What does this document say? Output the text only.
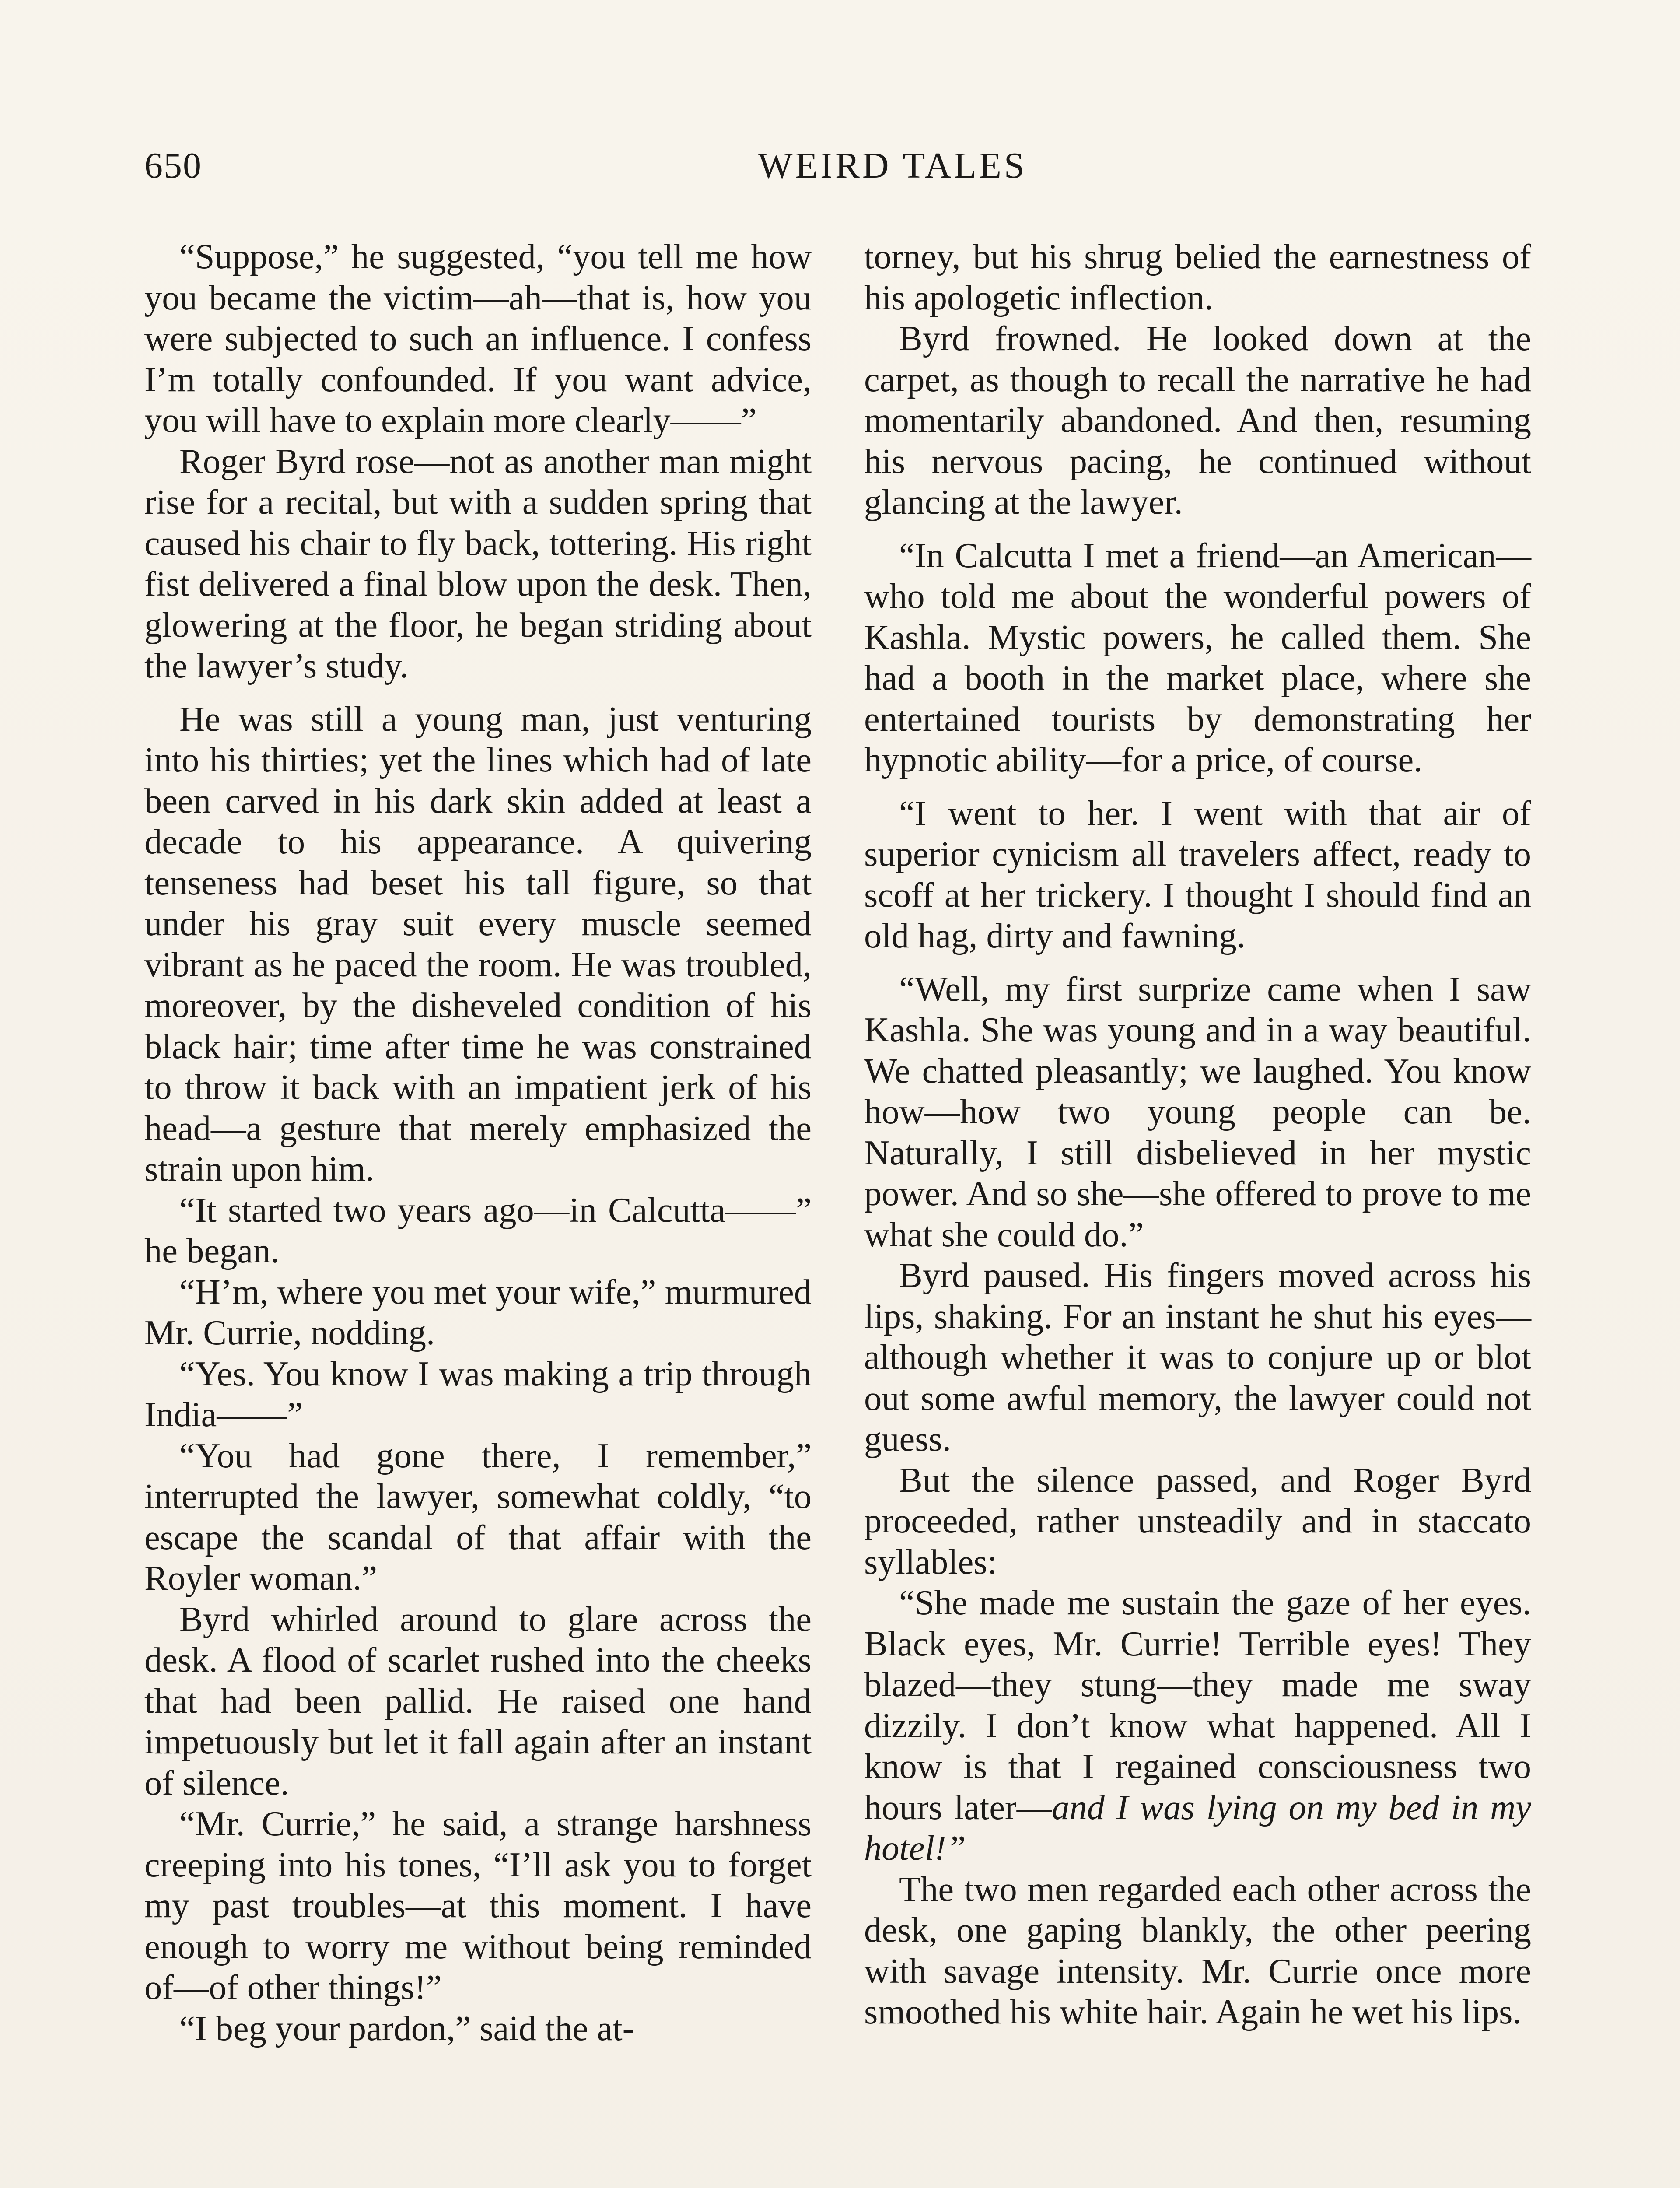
650	WEIRD TALES

“Suppose,” he suggested, “you tell me how you became the victim—ah—that is, how you were subjected to such an influence. I confess I’m totally confounded. If you want advice, you will have to explain more clearly——”

Roger Byrd rose—not as another man might rise for a recital, but with a sudden spring that caused his chair to fly back, tottering. His right fist delivered a final blow upon the desk. Then, glowering at the floor, he began striding about the lawyer’s study.

He was still a young man, just venturing into his thirties; yet the lines which had of late been carved in his dark skin added at least a decade to his appearance. A quivering tenseness had beset his tall figure, so that under his gray suit every muscle seemed vibrant as he paced the room. He was troubled, moreover, by the disheveled condition of his black hair; time after time he was constrained to throw it back with an impatient jerk of his head—a gesture that merely emphasized the strain upon him.

“It started two years ago—in Calcutta——” he began.

“H’m, where you met your wife,” murmured Mr. Currie, nodding.

“Yes. You know I was making a trip through India——”

“You had gone there, I remember,” interrupted the lawyer, somewhat coldly, “to escape the scandal of that affair with the Royler woman.”

Byrd whirled around to glare across the desk. A flood of scarlet rushed into the cheeks that had been pallid. He raised one hand impetuously but let it fall again after an instant of silence.

“Mr. Currie,” he said, a strange harshness creeping into his tones, “I’ll ask you to forget my past troubles—at this moment. I have enough to worry me without being reminded of—of other things!”

“I beg your pardon,” said the at-

torney, but his shrug belied the earnestness of his apologetic inflection.

Byrd frowned. He looked down at the carpet, as though to recall the narrative he had momentarily abandoned. And then, resuming his nervous pacing, he continued without glancing at the lawyer.

“In Calcutta I met a friend—an American—who told me about the wonderful powers of Kashla. Mystic powers, he called them. She had a booth in the market place, where she entertained tourists by demonstrating her hypnotic ability—for a price, of course.

“I went to her. I went with that air of superior cynicism all travelers affect, ready to scoff at her trickery. I thought I should find an old hag, dirty and fawning.

“Well, my first surprize came when I saw Kashla. She was young and in a way beautiful. We chatted pleasantly; we laughed. You know how—how two young people can be. Naturally, I still disbelieved in her mystic power. And so she—she offered to prove to me what she could do.”

Byrd paused. His fingers moved across his lips, shaking. For an instant he shut his eyes—although whether it was to conjure up or blot out some awful memory, the lawyer could not guess.

But the silence passed, and Roger Byrd proceeded, rather unsteadily and in staccato syllables:

“She made me sustain the gaze of her eyes. Black eyes, Mr. Currie! Terrible eyes! They blazed—they stung—they made me sway dizzily. I don’t know what happened. All I know is that I regained consciousness two hours later—and I was lying on my bed in my hotel!”

The two men regarded each other across the desk, one gaping blankly, the other peering with savage intensity. Mr. Currie once more smoothed his white hair. Again he wet his lips.
